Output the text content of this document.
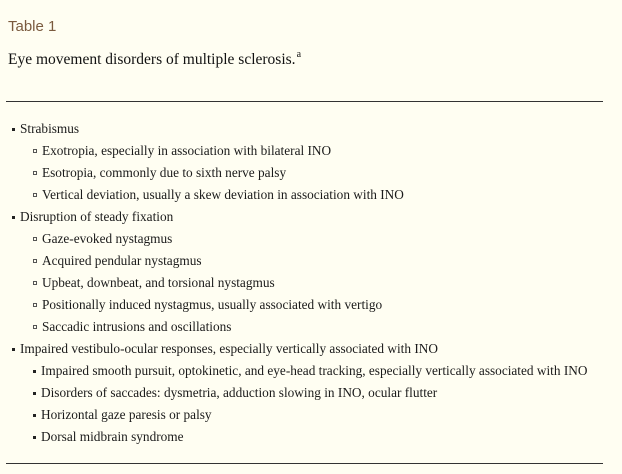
Table 1
Eye movement disorders of multiple sclerosis.$^a$
Strabismus
Exotropia, especially in association with bilateral INO
Esotropia, commonly due to sixth nerve palsy
Vertical deviation, usually a skew deviation in association with INO
Disruption of steady fixation
Gaze-evoked nystagmus
Acquired pendular nystagmus
Upbeat, downbeat, and torsional nystagmus
Positionally induced nystagmus, usually associated with vertigo
Saccadic intrusions and oscillations
Impaired vestibulo-ocular responses, especially vertically associated with INO
Impaired smooth pursuit, optokinetic, and eye-head tracking, especially vertically associated with INO
Disorders of saccades: dysmetria, adduction slowing in INO, ocular flutter
Horizontal gaze paresis or palsy
Dorsal midbrain syndrome
